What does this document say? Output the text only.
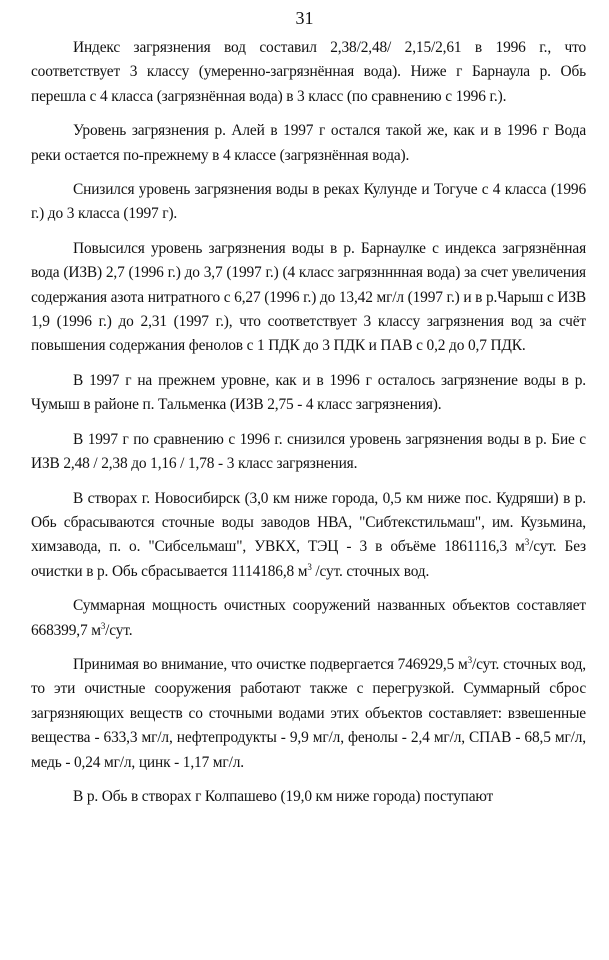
31

Индекс загрязнения вод составил 2,38/2,48/ 2,15/2,61 в 1996 г., что соответствует 3 классу (умеренно-загрязнённая вода). Ниже г Барнаула р. Обь перешла с 4 класса (загрязнённая вода) в 3 класс (по сравнению с 1996 г.).

Уровень загрязнения р. Алей в 1997 г остался такой же, как и в 1996 г Вода реки остается по-прежнему в 4 классе (загрязнённая вода).

Снизился уровень загрязнения воды в реках Кулунде и Тогуче с 4 класса (1996 г.) до 3 класса (1997 г).

Повысился уровень загрязнения воды в р. Барнаулке с индекса загрязнённая вода (ИЗВ) 2,7 (1996 г.) до 3,7 (1997 г.) (4 класс загрязнннная вода) за счет увеличения содержания азота нитратного с 6,27 (1996 г.) до 13,42 мг/л (1997 г.) и в р.Чарыш с ИЗВ 1,9 (1996 г.) до 2,31 (1997 г.), что соответствует 3 классу загрязнения вод за счёт повышения содержания фенолов с 1 ПДК до 3 ПДК и ПАВ с 0,2 до 0,7 ПДК.

В 1997 г на прежнем уровне, как и в 1996 г осталось загрязнение воды в р. Чумыш в районе п. Тальменка (ИЗВ 2,75 - 4 класс загрязнения).

В 1997 г по сравнению с 1996 г. снизился уровень загрязнения воды в р. Бие с ИЗВ 2,48 / 2,38 до 1,16 / 1,78 - 3 класс загрязнения.

В створах г. Новосибирск (3,0 км ниже города, 0,5 км ниже пос. Кудряши) в р. Обь сбрасываются сточные воды заводов НВА, "Сибтекстильмаш", им. Кузьмина, химзавода, п. о. "Сибсельмаш", УВКХ, ТЭЦ - 3 в объёме 1861116,3 $м^3$/сут. Без очистки в р. Обь сбрасывается 1114186,8 $м^3$ /сут. сточных вод.

Суммарная мощность очистных сооружений названных объектов составляет 668399,7 $м^3$/сут.

Принимая во внимание, что очистке подвергается 746929,5 $м^3$/сут. сточных вод, то эти очистные сооружения работают также с перегрузкой. Суммарный сброс загрязняющих веществ со сточными водами этих объектов составляет: взвешенные вещества - 633,3 мг/л, нефтепродукты - 9,9 мг/л, фенолы - 2,4 мг/л, СПАВ - 68,5 мг/л, медь - 0,24 мг/л, цинк - 1,17 мг/л.

В р. Обь в створах г Колпашево (19,0 км ниже города) поступают
